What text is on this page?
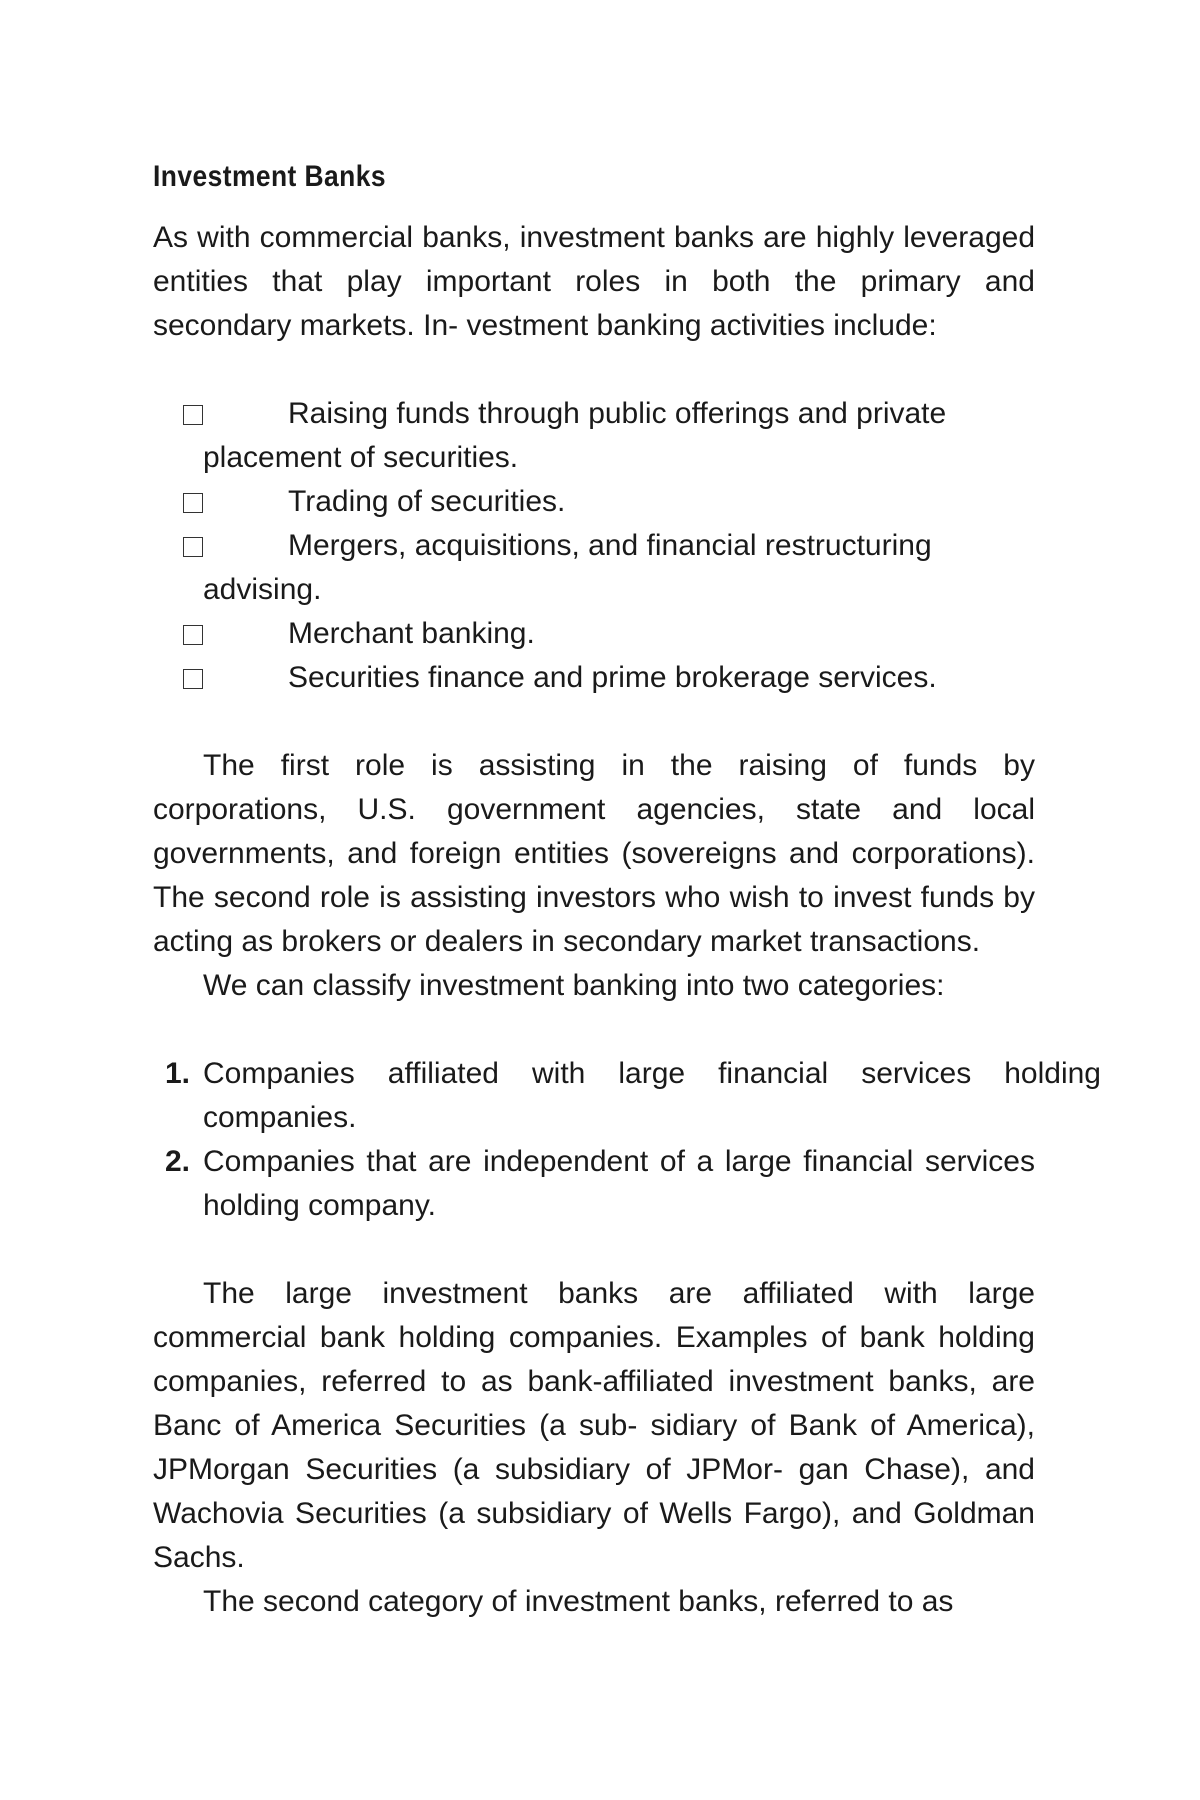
Investment Banks

As with commercial banks, investment banks are highly leveraged entities that play important roles in both the primary and secondary markets. In- vestment banking activities include:

Raising funds through public offerings and private placement of securities.
Trading of securities.
Mergers, acquisitions, and financial restructuring advising.
Merchant banking.
Securities finance and prime brokerage services.

The first role is assisting in the raising of funds by corporations, U.S. government agencies, state and local governments, and foreign entities (sovereigns and corporations). The second role is assisting investors who wish to invest funds by acting as brokers or dealers in secondary market transactions.

We can classify investment banking into two categories:

1. Companies affiliated with large financial services holding companies.
2. Companies that are independent of a large financial services holding company.

The large investment banks are affiliated with large commercial bank holding companies. Examples of bank holding companies, referred to as bank-affiliated investment banks, are Banc of America Securities (a sub- sidiary of Bank of America), JPMorgan Securities (a subsidiary of JPMor- gan Chase), and Wachovia Securities (a subsidiary of Wells Fargo), and Goldman Sachs.

The second category of investment banks, referred to as
